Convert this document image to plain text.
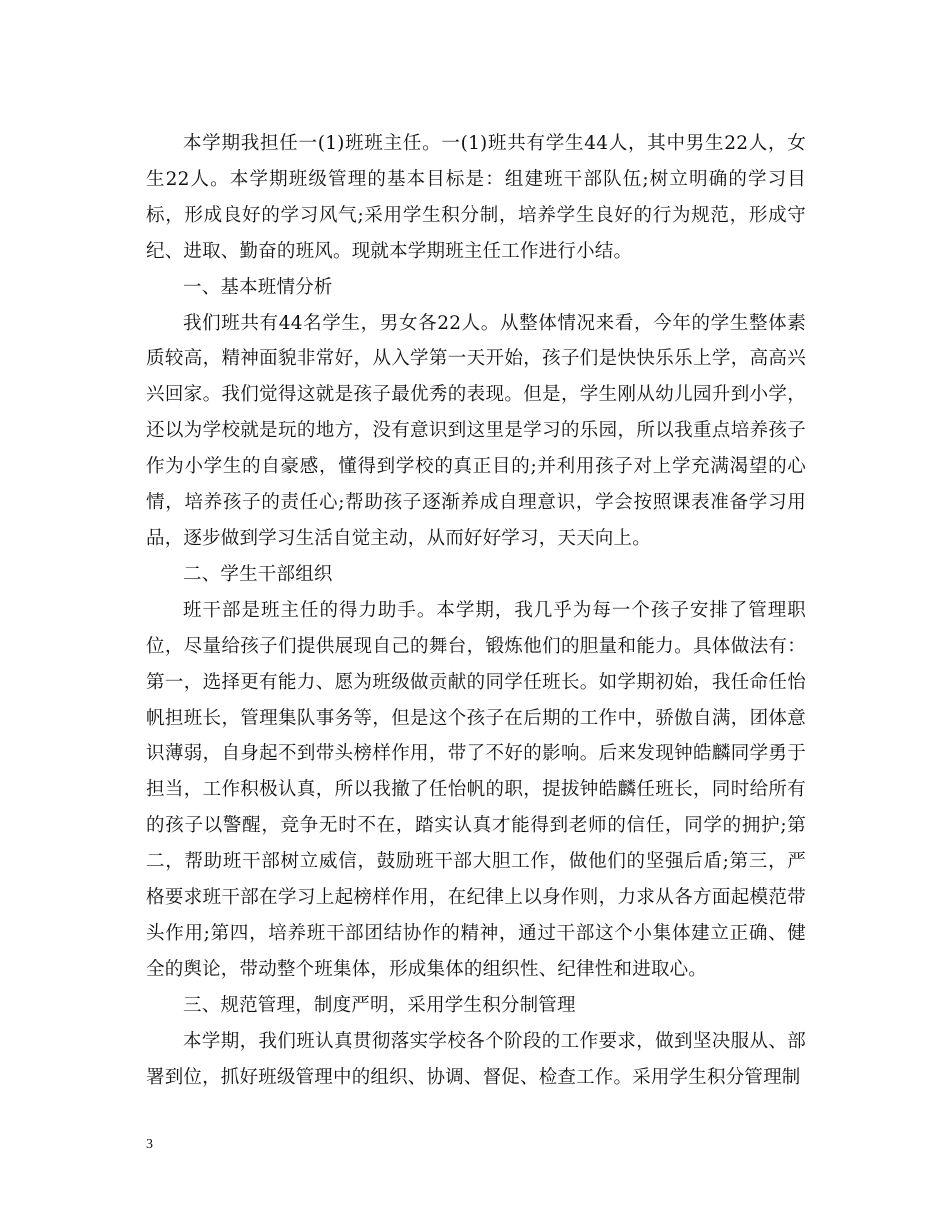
本学期我担任一(1)班班主任。一(1)班共有学生44人，其中男生22人，女生22人。本学期班级管理的基本目标是：组建班干部队伍;树立明确的学习目标，形成良好的学习风气;采用学生积分制，培养学生良好的行为规范，形成守纪、进取、勤奋的班风。现就本学期班主任工作进行小结。

一、基本班情分析

我们班共有44名学生，男女各22人。从整体情况来看，今年的学生整体素质较高，精神面貌非常好，从入学第一天开始，孩子们是快快乐乐上学，高高兴兴回家。我们觉得这就是孩子最优秀的表现。但是，学生刚从幼儿园升到小学，还以为学校就是玩的地方，没有意识到这里是学习的乐园，所以我重点培养孩子作为小学生的自豪感，懂得到学校的真正目的;并利用孩子对上学充满渴望的心情，培养孩子的责任心;帮助孩子逐渐养成自理意识，学会按照课表准备学习用品，逐步做到学习生活自觉主动，从而好好学习，天天向上。

二、学生干部组织

班干部是班主任的得力助手。本学期，我几乎为每一个孩子安排了管理职位，尽量给孩子们提供展现自己的舞台，锻炼他们的胆量和能力。具体做法有：第一，选择更有能力、愿为班级做贡献的同学任班长。如学期初始，我任命任怡帆担班长，管理集队事务等，但是这个孩子在后期的工作中，骄傲自满，团体意识薄弱，自身起不到带头榜样作用，带了不好的影响。后来发现钟皓麟同学勇于担当，工作积极认真，所以我撤了任怡帆的职，提拔钟皓麟任班长，同时给所有的孩子以警醒，竞争无时不在，踏实认真才能得到老师的信任，同学的拥护;第二，帮助班干部树立威信，鼓励班干部大胆工作，做他们的坚强后盾;第三，严格要求班干部在学习上起榜样作用，在纪律上以身作则，力求从各方面起模范带头作用;第四，培养班干部团结协作的精神，通过干部这个小集体建立正确、健全的舆论，带动整个班集体，形成集体的组织性、纪律性和进取心。

三、规范管理，制度严明，采用学生积分制管理

本学期，我们班认真贯彻落实学校各个阶段的工作要求，做到坚决服从、部署到位，抓好班级管理中的组织、协调、督促、检查工作。采用学生积分管理制

3
